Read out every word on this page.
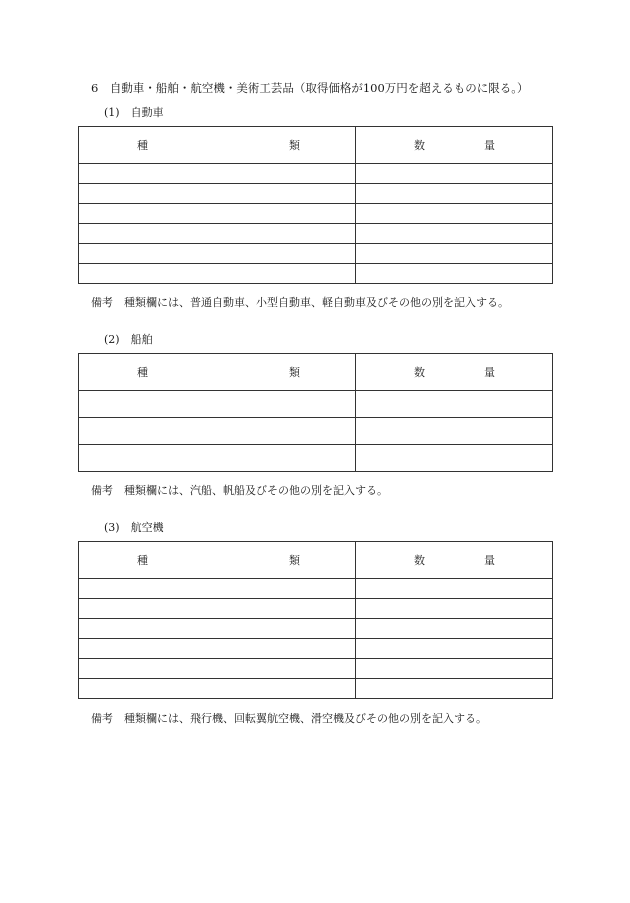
6　自動車・船舶・航空機・美術工芸品（取得価格が100万円を超えるものに限る。）
(1)　自動車
種 類	数 量

備考　種類欄には、普通自動車、小型自動車、軽自動車及びその他の別を記入する。
(2)　船舶
種 類	数 量

備考　種類欄には、汽船、帆船及びその他の別を記入する。
(3)　航空機
種 類	数 量

備考　種類欄には、飛行機、回転翼航空機、滑空機及びその他の別を記入する。
